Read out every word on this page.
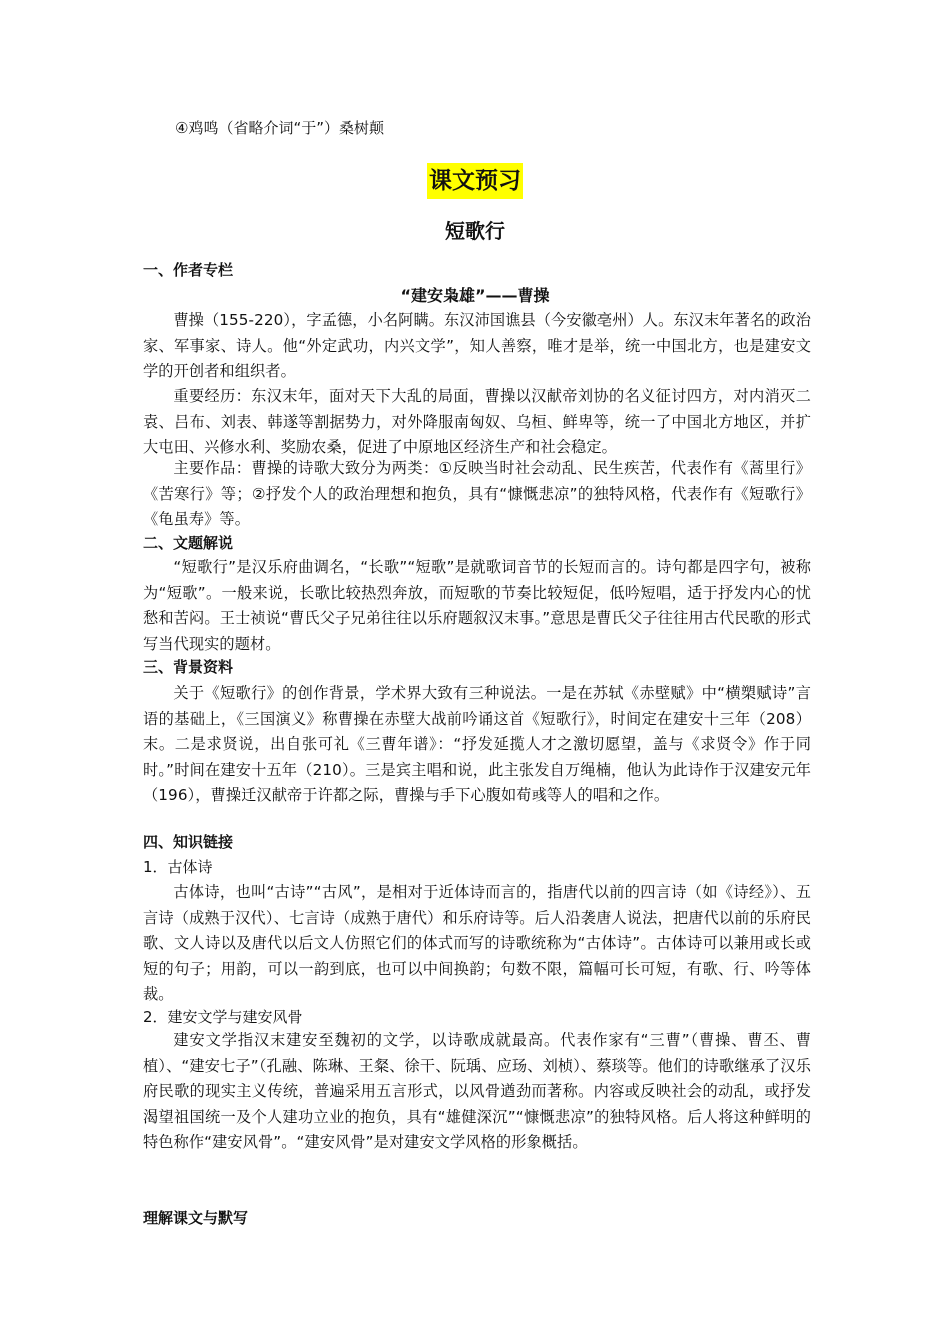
④鸡鸣（省略介词“于”）桑树颠
课文预习
短歌行
一、作者专栏
“建安枭雄”——曹操
曹操（155-220），字孟德，小名阿瞒。东汉沛国谯县（今安徽亳州）人。东汉末年著名的政治家、军事家、诗人。他“外定武功，内兴文学”，知人善察，唯才是举，统一中国北方，也是建安文学的开创者和组织者。
重要经历：东汉末年，面对天下大乱的局面，曹操以汉献帝刘协的名义征讨四方，对内消灭二袁、吕布、刘表、韩遂等割据势力，对外降服南匈奴、乌桓、鲜卑等，统一了中国北方地区，并扩大屯田、兴修水利、奖励农桑，促进了中原地区经济生产和社会稳定。
主要作品：曹操的诗歌大致分为两类：①反映当时社会动乱、民生疾苦，代表作有《蒿里行》《苦寒行》等；②抒发个人的政治理想和抱负，具有“慷慨悲凉”的独特风格，代表作有《短歌行》《龟虽寿》等。
二、文题解说
“短歌行”是汉乐府曲调名，“长歌”“短歌”是就歌词音节的长短而言的。诗句都是四字句，被称为“短歌”。一般来说，长歌比较热烈奔放，而短歌的节奏比较短促，低吟短唱，适于抒发内心的忧愁和苦闷。王士祯说“曹氏父子兄弟往往以乐府题叙汉末事。”意思是曹氏父子往往用古代民歌的形式写当代现实的题材。
三、背景资料
关于《短歌行》的创作背景，学术界大致有三种说法。一是在苏轼《赤壁赋》中“横槊赋诗”言语的基础上，《三国演义》称曹操在赤壁大战前吟诵这首《短歌行》，时间定在建安十三年（208）末。二是求贤说，出自张可礼《三曹年谱》：“抒发延揽人才之激切愿望，盖与《求贤令》作于同时。”时间在建安十五年（210）。三是宾主唱和说，此主张发自万绳楠，他认为此诗作于汉建安元年（196），曹操迁汉献帝于许都之际，曹操与手下心腹如荀彧等人的唱和之作。
四、知识链接
1．古体诗
古体诗，也叫“古诗”“古风”，是相对于近体诗而言的，指唐代以前的四言诗（如《诗经》）、五言诗（成熟于汉代）、七言诗（成熟于唐代）和乐府诗等。后人沿袭唐人说法，把唐代以前的乐府民歌、文人诗以及唐代以后文人仿照它们的体式而写的诗歌统称为“古体诗”。古体诗可以兼用或长或短的句子；用韵，可以一韵到底，也可以中间换韵；句数不限，篇幅可长可短，有歌、行、吟等体裁。
2．建安文学与建安风骨
建安文学指汉末建安至魏初的文学，以诗歌成就最高。代表作家有“三曹”（曹操、曹丕、曹植）、“建安七子”（孔融、陈琳、王粲、徐干、阮瑀、应玚、刘桢）、蔡琰等。他们的诗歌继承了汉乐府民歌的现实主义传统，普遍采用五言形式，以风骨遒劲而著称。内容或反映社会的动乱，或抒发渴望祖国统一及个人建功立业的抱负，具有“雄健深沉”“慷慨悲凉”的独特风格。后人将这种鲜明的特色称作“建安风骨”。“建安风骨”是对建安文学风格的形象概括。
理解课文与默写
